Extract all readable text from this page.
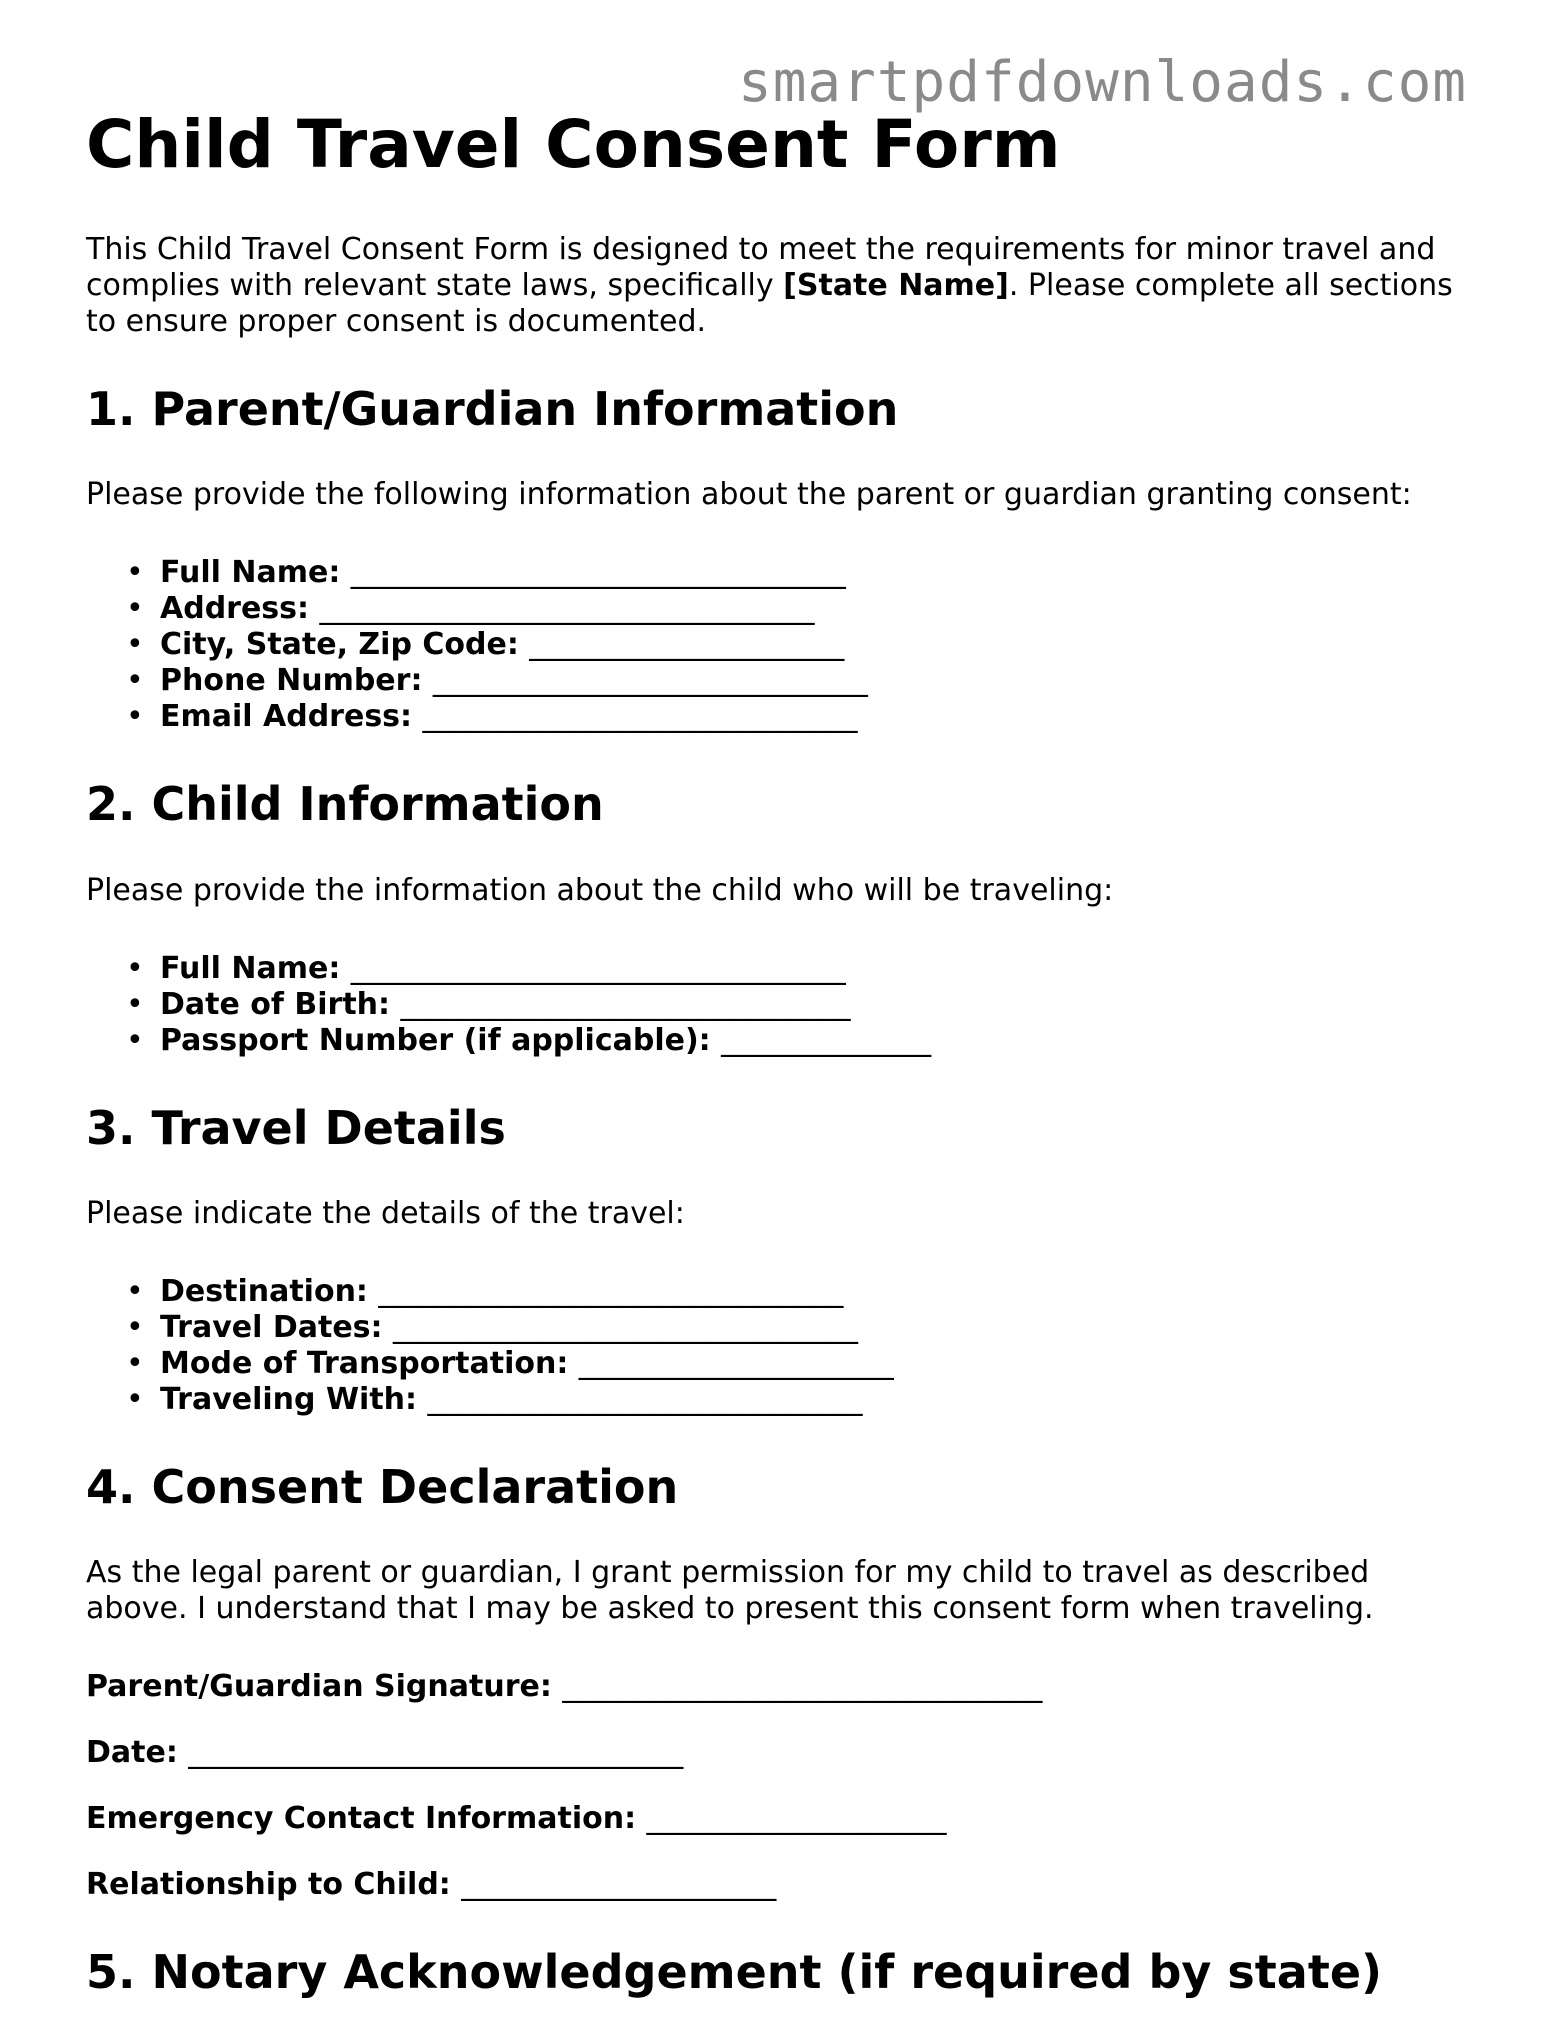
smartpdfdownloads.com

Child Travel Consent Form

This Child Travel Consent Form is designed to meet the requirements for minor travel and complies with relevant state laws, specifically [State Name]. Please complete all sections to ensure proper consent is documented.

1. Parent/Guardian Information

Please provide the following information about the parent or guardian granting consent:

• Full Name: _________________________________
• Address: _________________________________
• City, State, Zip Code: _____________________
• Phone Number: _____________________________
• Email Address: _____________________________
2. Child Information

Please provide the information about the child who will be traveling:

• Full Name: _________________________________
• Date of Birth: ______________________________
• Passport Number (if applicable): ______________
3. Travel Details

Please indicate the details of the travel:

• Destination: _______________________________
• Travel Dates: _______________________________
• Mode of Transportation: _____________________
• Traveling With: _____________________________
4. Consent Declaration

As the legal parent or guardian, I grant permission for my child to travel as described above. I understand that I may be asked to present this consent form when traveling.

Parent/Guardian Signature: ________________________________
Date: _________________________________
Emergency Contact Information: ____________________
Relationship to Child: _____________________
5. Notary Acknowledgement (if required by state)
